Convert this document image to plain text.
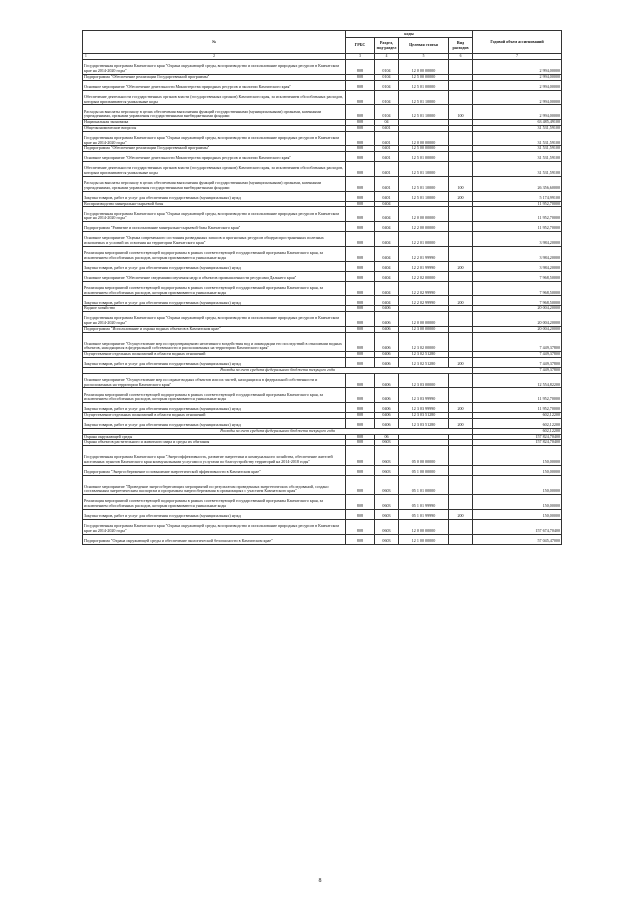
№	коды				Годовой объем ассигнований
	ГРБС	Раздел, под-раздел	Целевая статья	Вид расходов	

1 2	3	4	5	6	7
Государственная программа Камчатского края "Охрана окружающей среды, воспроизводство и использование природных ресурсов в Камчатском крае на 2014-2020 годы"	808	0104	12 0 00 00000		2 994,00000
Подпрограмма "Обеспечение реализации Государственной программы"	808	0104	12 5 00 00000		2 994,00000
Основное мероприятие "Обеспечение деятельности Министерства природных ресурсов и экологии Камчатского края"	808	0104	12 5 01 00000		2 994,00000
Обеспечение деятельности государственных органов власти (государственных органов) Камчатского края, за исключением обособленных расходов, которым присваиваются уникальные коды	808	0104	12 5 01 10000		2 994,00000
Расходы на выплаты персоналу в целях обеспечения выполнения функций государственными (муниципальными) органами, казенными учреждениями, органами управления государственными внебюджетными фондами	808	0104	12 5 01 10000	100	2 994,00000
Национальная экономика	808	04			63 485,49100
Общеэкономические вопросы	808	0401			31 531,59100
Государственная программа Камчатского края "Охрана окружающей среды, воспроизводство и использование природных ресурсов в Камчатском крае на 2014-2020 годы"	808	0401	12 0 00 00000		31 531,59100
Подпрограмма "Обеспечение реализации Государственной программы"	808	0401	12 5 00 00000		31 531,59100
Основное мероприятие "Обеспечение деятельности Министерства природных ресурсов и экологии Камчатского края"	808	0401	12 5 01 00000		31 531,59100
Обеспечение деятельности государственных органов власти (государственных органов) Камчатского края, за исключением обособленных расходов, которым присваиваются уникальные коды	808	0401	12 5 01 10000		31 531,59100
Расходы на выплаты персоналу в целях обеспечения выполнения функций государственными (муниципальными) органами, казенными учреждениями, органами управления государственными внебюджетными фондами	808	0401	12 5 01 10000	100	26 356,60000
Закупка товаров, работ и услуг для обеспечения государственных (муниципальных) нужд	808	0401	12 5 01 10000	200	5 174,99100
Воспроизводство минерально-сырьевой базы	808	0404			11 952,70000
Государственная программа Камчатского края "Охрана окружающей среды, воспроизводство и использование природных ресурсов в Камчатском крае на 2014-2020 годы"	808	0404	12 0 00 00000		11 952,70000
Подпрограмма "Развитие и использование минерально-сырьевой базы Камчатского края"	808	0404	12 2 00 00000		11 952,70000
Основное мероприятие "Оценка современного состояния разведанных запасов и прогнозных ресурсов общераспространенных полезных ископаемых и условий их освоения на территории Камчатского края"	808	0404	12 2 01 00000		3 984,20000
Реализация мероприятий соответствующей подпрограммы в рамках соответствующей государственной программы Камчатского края, за исключением обособленных расходов, которым присваиваются уникальные коды	808	0404	12 2 01 99990		3 984,20000
Закупка товаров, работ и услуг для обеспечения государственных (муниципальных) нужд	808	0404	12 2 01 99990	200	3 984,20000
Основное мероприятие "Обеспечение сведениями изучения недр и объектов промышленности ресурсами Дальнего края"	808	0404	12 2 02 00000		7 968,50000
Реализация мероприятий соответствующей подпрограммы в рамках соответствующей государственной программы Камчатского края, за исключением обособленных расходов, которым присваиваются уникальные коды	808	0404	12 2 02 99990		7 968,50000
Закупка товаров, работ и услуг для обеспечения государственных (муниципальных) нужд	808	0404	12 2 02 99990	200	7 968,50000
Водное хозяйство	808	0406			20 004,20000
Государственная программа Камчатского края "Охрана окружающей среды, воспроизводство и использование природных ресурсов в Камчатском крае на 2014-2020 годы"	808	0406	12 0 00 00000		20 004,20000
Подпрограмма "Использование и охрана водных объектов в Камчатском крае"	808	0406	12 3 00 00000		20 004,20000
Основное мероприятие "Осуществление мер по предотвращению негативного воздействия вод и ликвидации его последствий в отношении водных объектов, находящихся в федеральной собственности и расположенных на территории Камчатского края"	808	0406	12 3 02 00000		7 449,37800
Осуществление отдельных полномочий в области водных отношений	808	0406	12 3 02 51280		7 449,37800
Закупка товаров, работ и услуг для обеспечения государственных (муниципальных) нужд	808	0406	12 3 02 51280	200	7 449,37800
Расходы за счет средств федерального бюджета текущего года					7 449,37800
Основное мероприятие "Осуществление мер по охране водных объектов или их частей, находящихся в федеральной собственности и расположенных на территории Камчатского края"	808	0406	12 3 03 00000		12 554,82200
Реализация мероприятий соответствующей подпрограммы в рамках соответствующей государственной программы Камчатского края, за исключением обособленных расходов, которым присваиваются уникальные коды	808	0406	12 3 03 99990		11 952,70000
Закупка товаров, работ и услуг для обеспечения государственных (муниципальных) нужд	808	0406	12 3 03 99990	200	11 952,70000
Осуществление отдельных полномочий в области водных отношений	808	0406	12 3 03 51280		602,12200
Закупка товаров, работ и услуг для обеспечения государственных (муниципальных) нужд	808	0406	12 3 03 51280	200	602,12200
Расходы за счет средств федерального бюджета текущего года					602,12200
Охрана окружающей среды	808	06			157 824,70400
Охрана объектов растительного и животного мира и среды их обитания	808	0603			157 824,70400
Государственная программа Камчатского края "Энергоэффективность, развитие энергетики и коммунального хозяйства, обеспечение жителей населенных пунктов Камчатского края коммунальными услугами и услугами по благоустройству территорий на 2014-2018 годы"	808	0603	05 0 00 00000		150,00000
Подпрограмма "Энергосбережение и повышение энергетической эффективности в Камчатском крае"	808	0603	05 1 00 00000		150,00000
Основное мероприятие "Проведение энергосберегающих мероприятий по результатам проведенных энергетических обследований, создано составленным энергетическим паспортам и программам энергосбережения в организациях с участием Камчатского края"	808	0603	05 1 01 00000		150,00000
Реализация мероприятий соответствующей подпрограммы в рамках соответствующей государственной программы Камчатского края, за исключением обособленных расходов, которым присваиваются уникальные коды	808	0603	05 1 01 99990		150,00000
Закупка товаров, работ и услуг для обеспечения государственных (муниципальных) нужд	808	0603	05 1 01 99990	200	150,00000
Государственная программа Камчатского края "Охрана окружающей среды, воспроизводство и использование природных ресурсов в Камчатском крае на 2014-2020 годы"	808	0603	12 0 00 00000		157 674,70400
Подпрограмма "Охрана окружающей среды и обеспечение экологической безопасности в Камчатском крае"	808	0603	12 1 00 00000		57 045,47000
8
